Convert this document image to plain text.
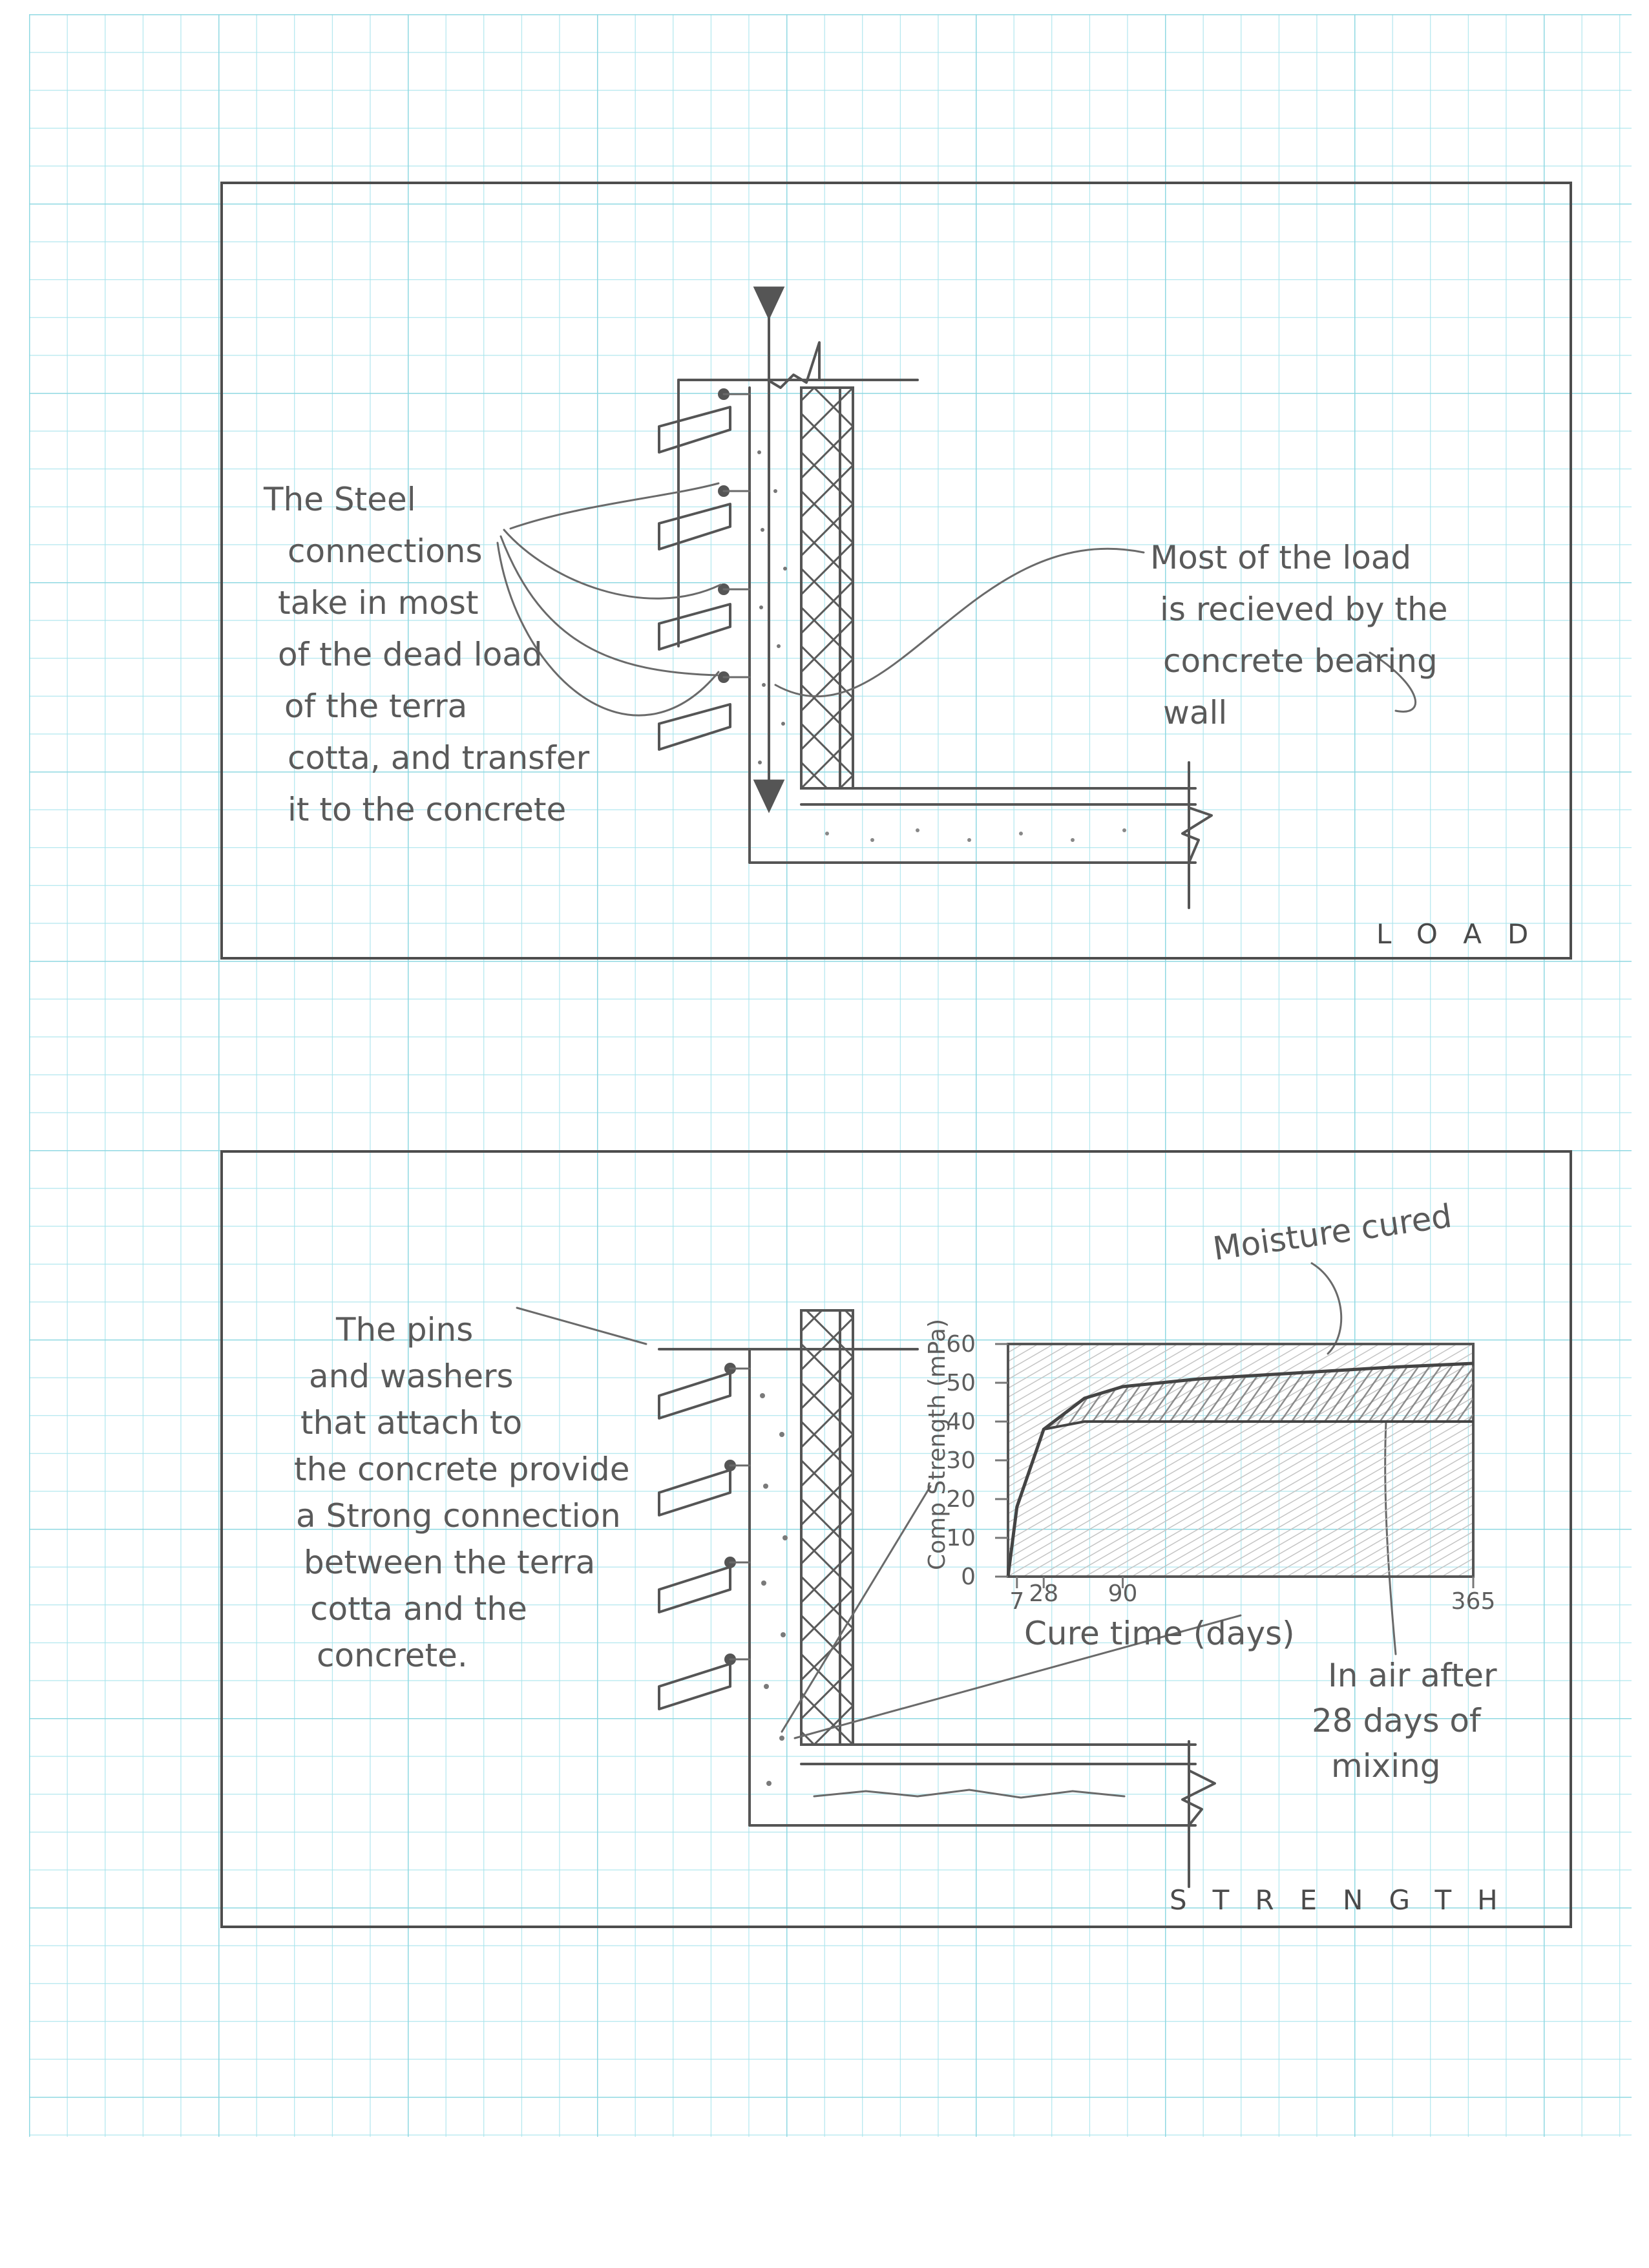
The Steel connections take in most of the dead load of the terra cotta, and transfer it to the concrete
Most of the load is recieved by the concrete bearing wall
LOAD
The pins and washers that attach to the concrete provide a Strong connection between the terra cotta and the concrete.
Moisture cured
In air after 28 days of mixing
0
10
20
30
40
50
60
7 28 90	365
Comp Strength (mPa)
Cure time (days)
STRENGTH
